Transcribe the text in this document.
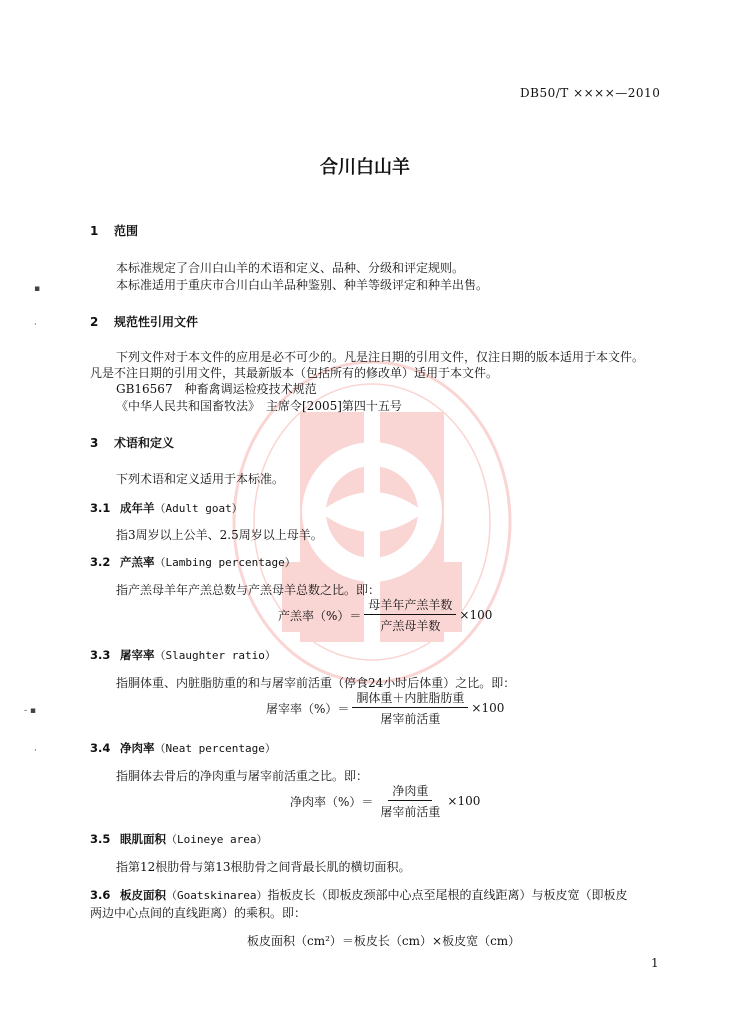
DB50/T ××××—2010
合川白山羊
1 范围
本标准规定了合川白山羊的术语和定义、品种、分级和评定规则。
本标准适用于重庆市合川白山羊品种鉴别、种羊等级评定和种羊出售。
2 规范性引用文件
下列文件对于本文件的应用是必不可少的。凡是注日期的引用文件，仅注日期的版本适用于本文件。
凡是不注日期的引用文件，其最新版本（包括所有的修改单）适用于本文件。
GB16567　种畜禽调运检疫技术规范
《中华人民共和国畜牧法》　主席令[2005]第四十五号
3 术语和定义
下列术语和定义适用于本标准。
3.1 成年羊（Adult goat）
指3周岁以上公羊、2.5周岁以上母羊。
3.2 产羔率（Lambing percentage）
指产羔母羊年产羔总数与产羔母羊总数之比。即：
产羔率（%）＝ $\frac{\text{母羊年产羔羊数}}{\text{产羔母羊数}} \times 100$
3.3 屠宰率（Slaughter ratio）
指胴体重、内脏脂肪重的和与屠宰前活重（停食24小时后体重）之比。即：
屠宰率（%）＝ $\frac{\text{胴体重＋内脏脂肪重}}{\text{屠宰前活重}} \times 100$
3.4 净肉率（Neat percentage）
指胴体去骨后的净肉重与屠宰前活重之比。即：
净肉率（%）＝ $\frac{\text{净肉重}}{\text{屠宰前活重}} \times 100$
3.5 眼肌面积（Loineye area）
指第12根肋骨与第13根肋骨之间背最长肌的横切面积。
3.6 板皮面积（Goatskinarea）指板皮长（即板皮颈部中心点至尾根的直线距离）与板皮宽（即板皮
两边中心点间的直线距离）的乘积。即：
板皮面积（cm²）＝板皮长（cm）×板皮宽（cm）
1
▪
·
- ▪
·
